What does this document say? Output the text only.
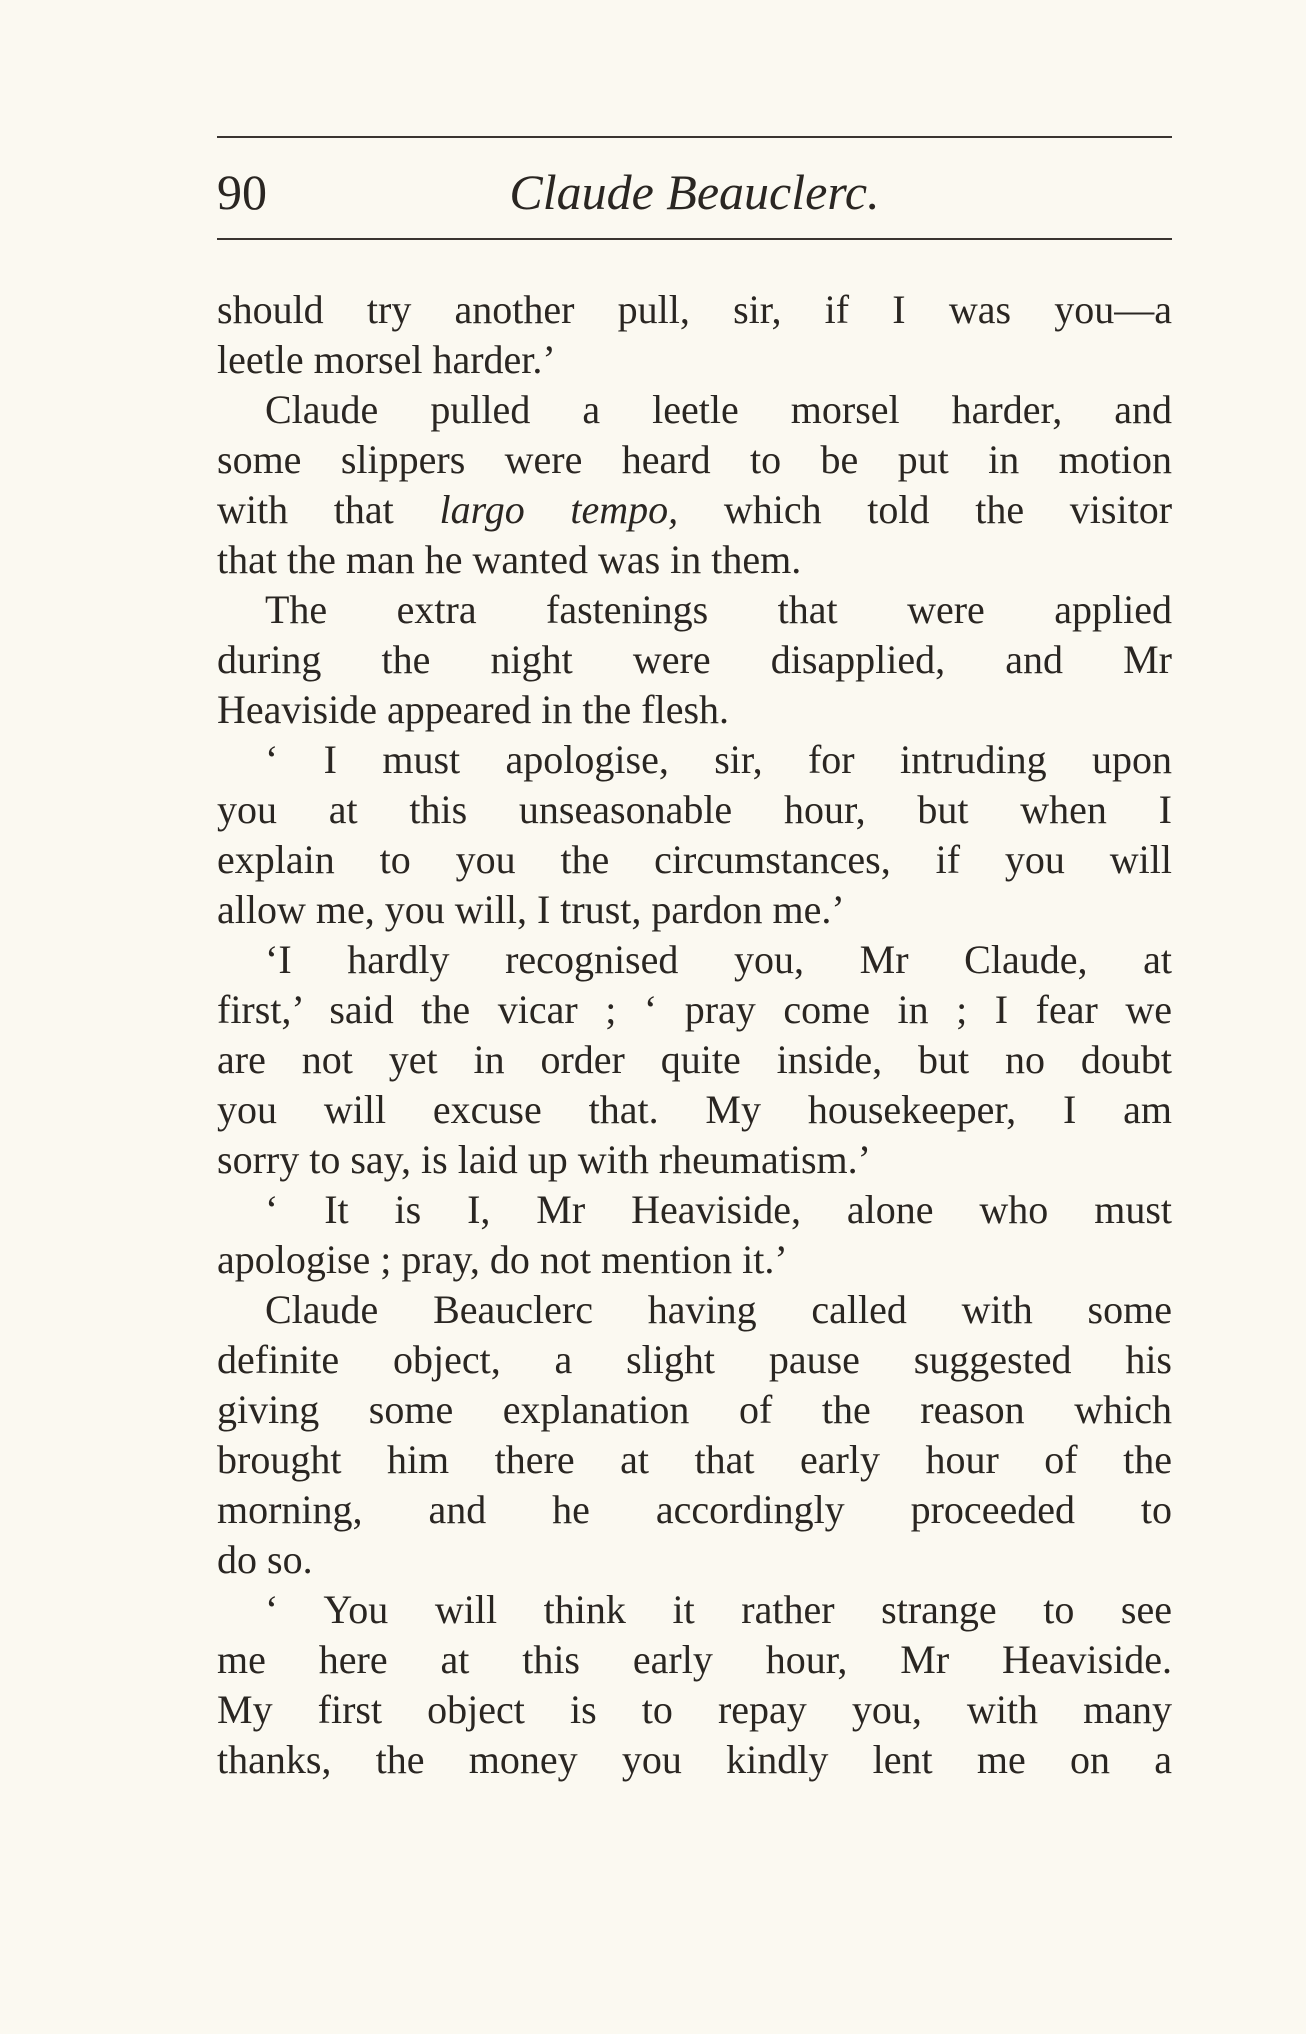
90	Claude Beauclerc.
should try another pull, sir, if I was you—a
leetle morsel harder.’
Claude pulled a leetle morsel harder, and
some slippers were heard to be put in motion
with that largo tempo, which told the visitor
that the man he wanted was in them.
The extra fastenings that were applied
during the night were disapplied, and Mr
Heaviside appeared in the flesh.
‘ I must apologise, sir, for intruding upon
you at this unseasonable hour, but when I
explain to you the circumstances, if you will
allow me, you will, I trust, pardon me.’
‘I hardly recognised you, Mr Claude, at
first,’ said the vicar ; ‘ pray come in ; I fear we
are not yet in order quite inside, but no doubt
you will excuse that. My housekeeper, I am
sorry to say, is laid up with rheumatism.’
‘ It is I, Mr Heaviside, alone who must
apologise ; pray, do not mention it.’
Claude Beauclerc having called with some
definite object, a slight pause suggested his
giving some explanation of the reason which
brought him there at that early hour of the
morning, and he accordingly proceeded to
do so.
‘ You will think it rather strange to see
me here at this early hour, Mr Heaviside.
My first object is to repay you, with many
thanks, the money you kindly lent me on a
